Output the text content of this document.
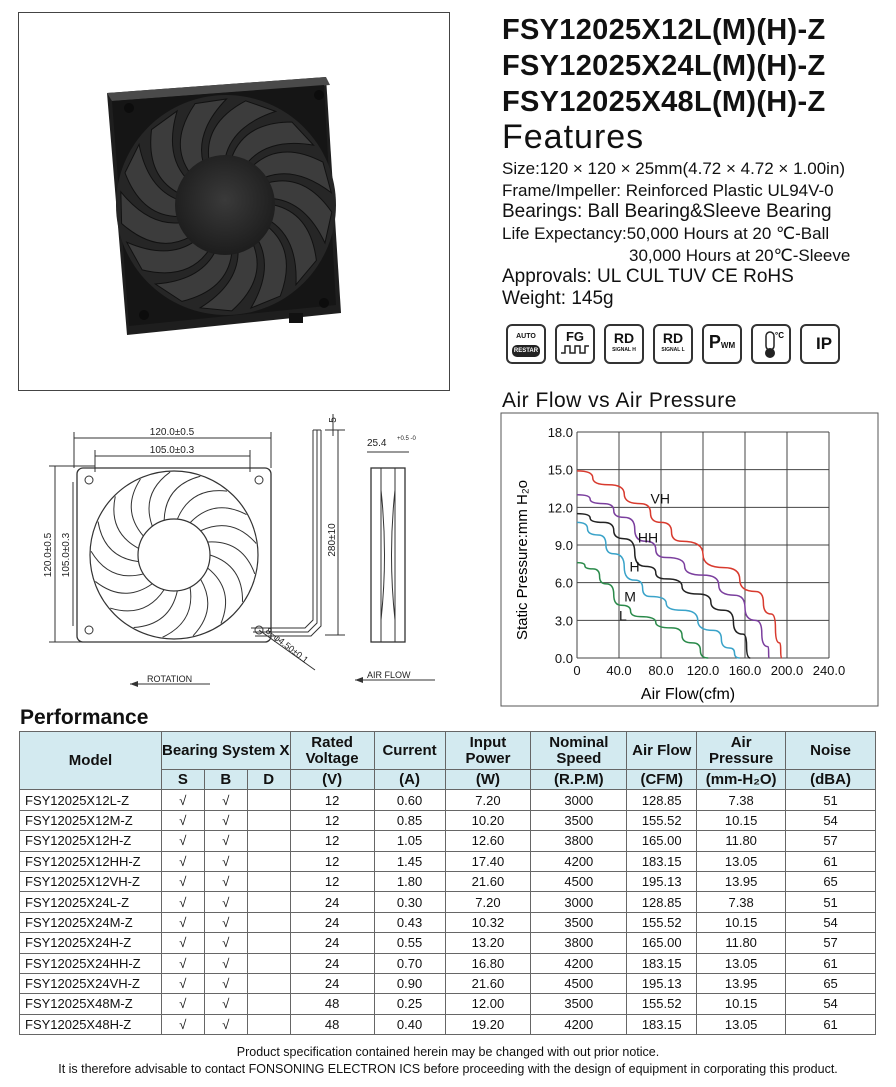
FSY12025X12L(M)(H)-Z
FSY12025X24L(M)(H)-Z
FSY12025X48L(M)(H)-Z
Features
Size:120 × 120 × 25mm(4.72 × 4.72 × 1.00in)
Frame/Impeller: Reinforced Plastic UL94V-0
Bearings: Ball Bearing&Sleeve Bearing
Life Expectancy:50,000 Hours at 20 ℃-Ball
30,000 Hours at 20℃-Sleeve
Approvals: UL CUL TUV CE RoHS
Weight: 145g
AUTO
RESTAR
FG	RD
SIGNAL H
RD
SIGNAL L PWM
°C	IP
120.0±0.5
105.0±0.3
120.0±0.5 105.0±0.3
5
280±10
25.4 +0.5 -0
8−φ4.50±0.1
ROTATION	AIR FLOW
Air Flow vs Air Pressure
0 40.0 80.0 120.0 160.0 200.0 240.0
0.0
3.0
6.0
9.0
12.0
15.0
18.0
VH
HH
H
M
L
Air Flow(cfm)
Static Pressure:mm H₂o
Performance
Model	Bearing System X			Rated Voltage	Current	Input Power	Nominal Speed	Air Flow	Air Pressure	Noise
	S	B	D	(V)	(A)	(W)	(R.P.M)	(CFM)	(mm-H₂O)	(dBA)
FSY12025X12L-Z	√	√		12	0.60	7.20	3000	128.85	7.38	51
FSY12025X12M-Z	√	√		12	0.85	10.20	3500	155.52	10.15	54
FSY12025X12H-Z	√	√		12	1.05	12.60	3800	165.00	11.80	57
FSY12025X12HH-Z	√	√		12	1.45	17.40	4200	183.15	13.05	61
FSY12025X12VH-Z	√	√		12	1.80	21.60	4500	195.13	13.95	65
FSY12025X24L-Z	√	√		24	0.30	7.20	3000	128.85	7.38	51
FSY12025X24M-Z	√	√		24	0.43	10.32	3500	155.52	10.15	54
FSY12025X24H-Z	√	√		24	0.55	13.20	3800	165.00	11.80	57
FSY12025X24HH-Z	√	√		24	0.70	16.80	4200	183.15	13.05	61
FSY12025X24VH-Z	√	√		24	0.90	21.60	4500	195.13	13.95	65
FSY12025X48M-Z	√	√		48	0.25	12.00	3500	155.52	10.15	54
FSY12025X48H-Z	√	√		48	0.40	19.20	4200	183.15	13.05	61
Product specification contained herein may be changed with out prior notice.
It is therefore advisable to contact FONSONING ELECTRON ICS before proceeding with the design of equipment in corporating this product.
